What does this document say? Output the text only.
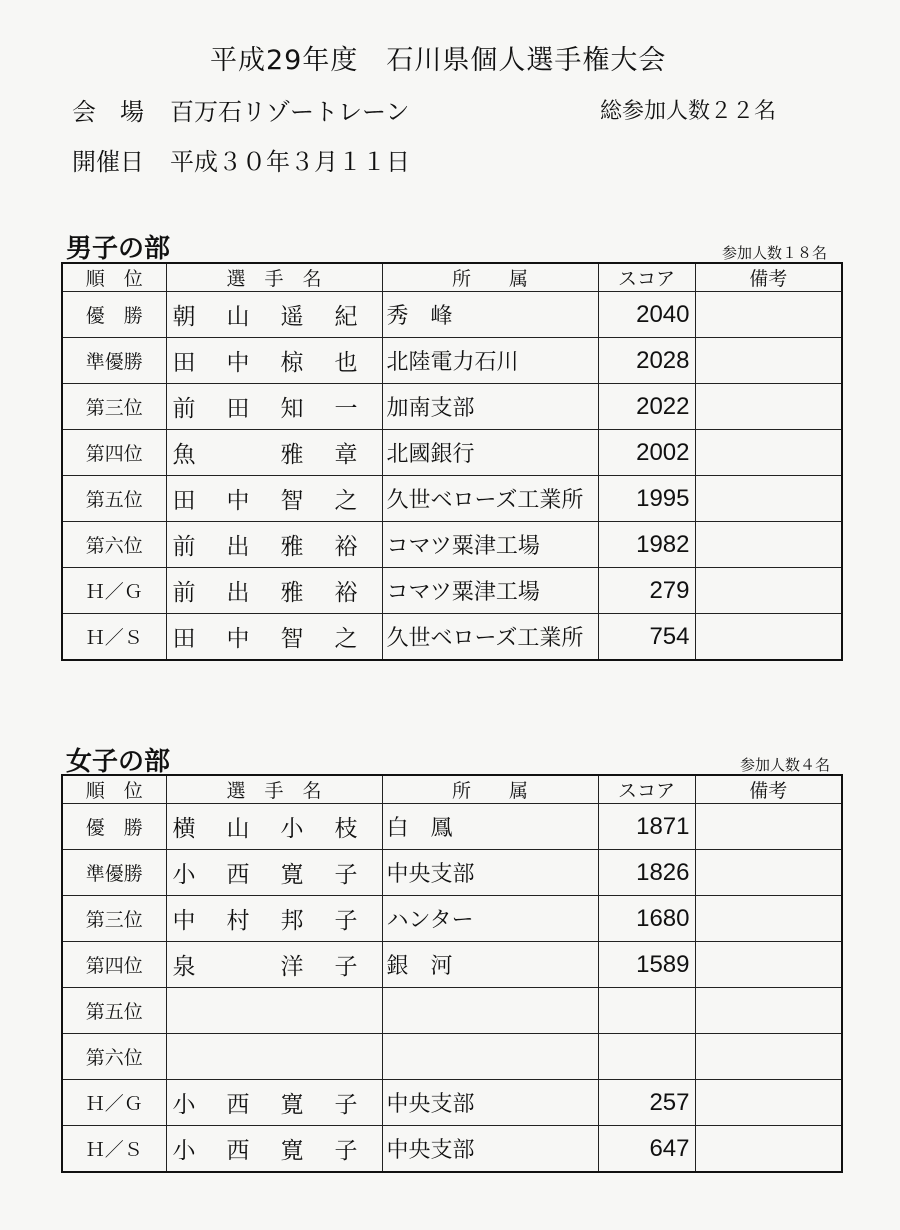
平成29年度　石川県個人選手権大会
会　場 百万石リゾートレーン	総参加人数２２名
開催日 平成３０年３月１１日
男子の部	参加人数１８名
順　位	選　手　名	所　　属	スコア	備考
優　勝	朝 山 遥 紀	秀　峰	2040	
準優勝	田 中 椋 也	北陸電力石川	2028	
第三位	前 田 知 一	加南支部	2022	
第四位	魚 雅 章	北國銀行	2002	
第五位	田 中 智 之	久世ベローズ工業所	1995	
第六位	前 出 雅 裕	コマツ粟津工場	1982	
Ｈ／Ｇ	前 出 雅 裕	コマツ粟津工場	279	
Ｈ／Ｓ	田 中 智 之	久世ベローズ工業所	754	
女子の部	参加人数４名
順　位	選　手　名	所　　属	スコア	備考
優　勝	横 山 小 枝	白　鳳	1871	
準優勝	小 西 寛 子	中央支部	1826	
第三位	中 村 邦 子	ハンター	1680	
第四位	泉 洋 子	銀　河	1589	
第五位	

第六位	

Ｈ／Ｇ	小 西 寛 子	中央支部	257	
Ｈ／Ｓ	小 西 寛 子	中央支部	647	
